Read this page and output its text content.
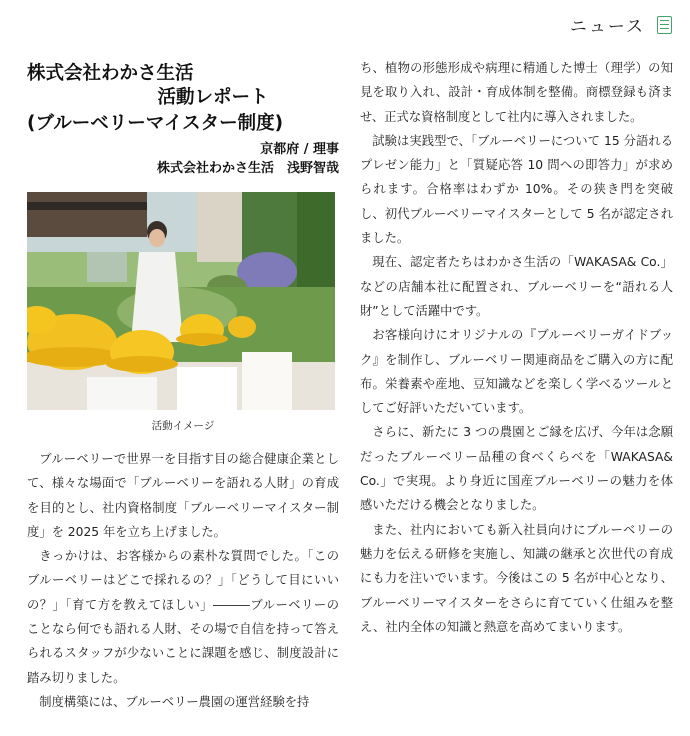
ニュース
株式会社わかさ生活
活動レポート
(ブルーベリーマイスター制度)
京都府 / 理事
株式会社わかさ生活　浅野智哉
活動イメージ

ブルーベリーで世界一を目指す目の総合健康企業として、様々な場面で「ブルーベリーを語れる人財」の育成を目的とし、社内資格制度「ブルーベリーマイスター制度」を 2025 年を立ち上げました。

きっかけは、お客様からの素朴な質問でした。「このブルーベリーはどこで採れるの？」「どうして目にいいの？」「育て方を教えてほしい」―――ブルーベリーのことなら何でも語れる人財、その場で自信を持って答えられるスタッフが少ないことに課題を感じ、制度設計に踏み切りました。

制度構築には、ブルーベリー農園の運営経験を持

ち、植物の形態形成や病理に精通した博士（理学）の知見を取り入れ、設計・育成体制を整備。商標登録も済ませ、正式な資格制度として社内に導入されました。

試験は実践型で、「ブルーベリーについて 15 分語れるプレゼン能力」と「質疑応答 10 問への即答力」が求められます。合格率はわずか 10%。その狭き門を突破し、初代ブルーベリーマイスターとして 5 名が認定されました。

現在、認定者たちはわかさ生活の「WAKASA& Co.」などの店舗本社に配置され、ブルーベリーを“語れる人財”として活躍中です。

お客様向けにオリジナルの『ブルーベリーガイドブック』を制作し、ブルーベリー関連商品をご購入の方に配布。栄養素や産地、豆知識などを楽しく学べるツールとしてご好評いただいています。

さらに、新たに 3 つの農園とご縁を広げ、今年は念願だったブルーベリー品種の食べくらべを「WAKASA& Co.」で実現。より身近に国産ブルーベリーの魅力を体感いただける機会となりました。

また、社内においても新入社員向けにブルーベリーの魅力を伝える研修を実施し、知識の継承と次世代の育成にも力を注いでいます。今後はこの 5 名が中心となり、ブルーベリーマイスターをさらに育てていく仕組みを整え、社内全体の知識と熱意を高めてまいります。
